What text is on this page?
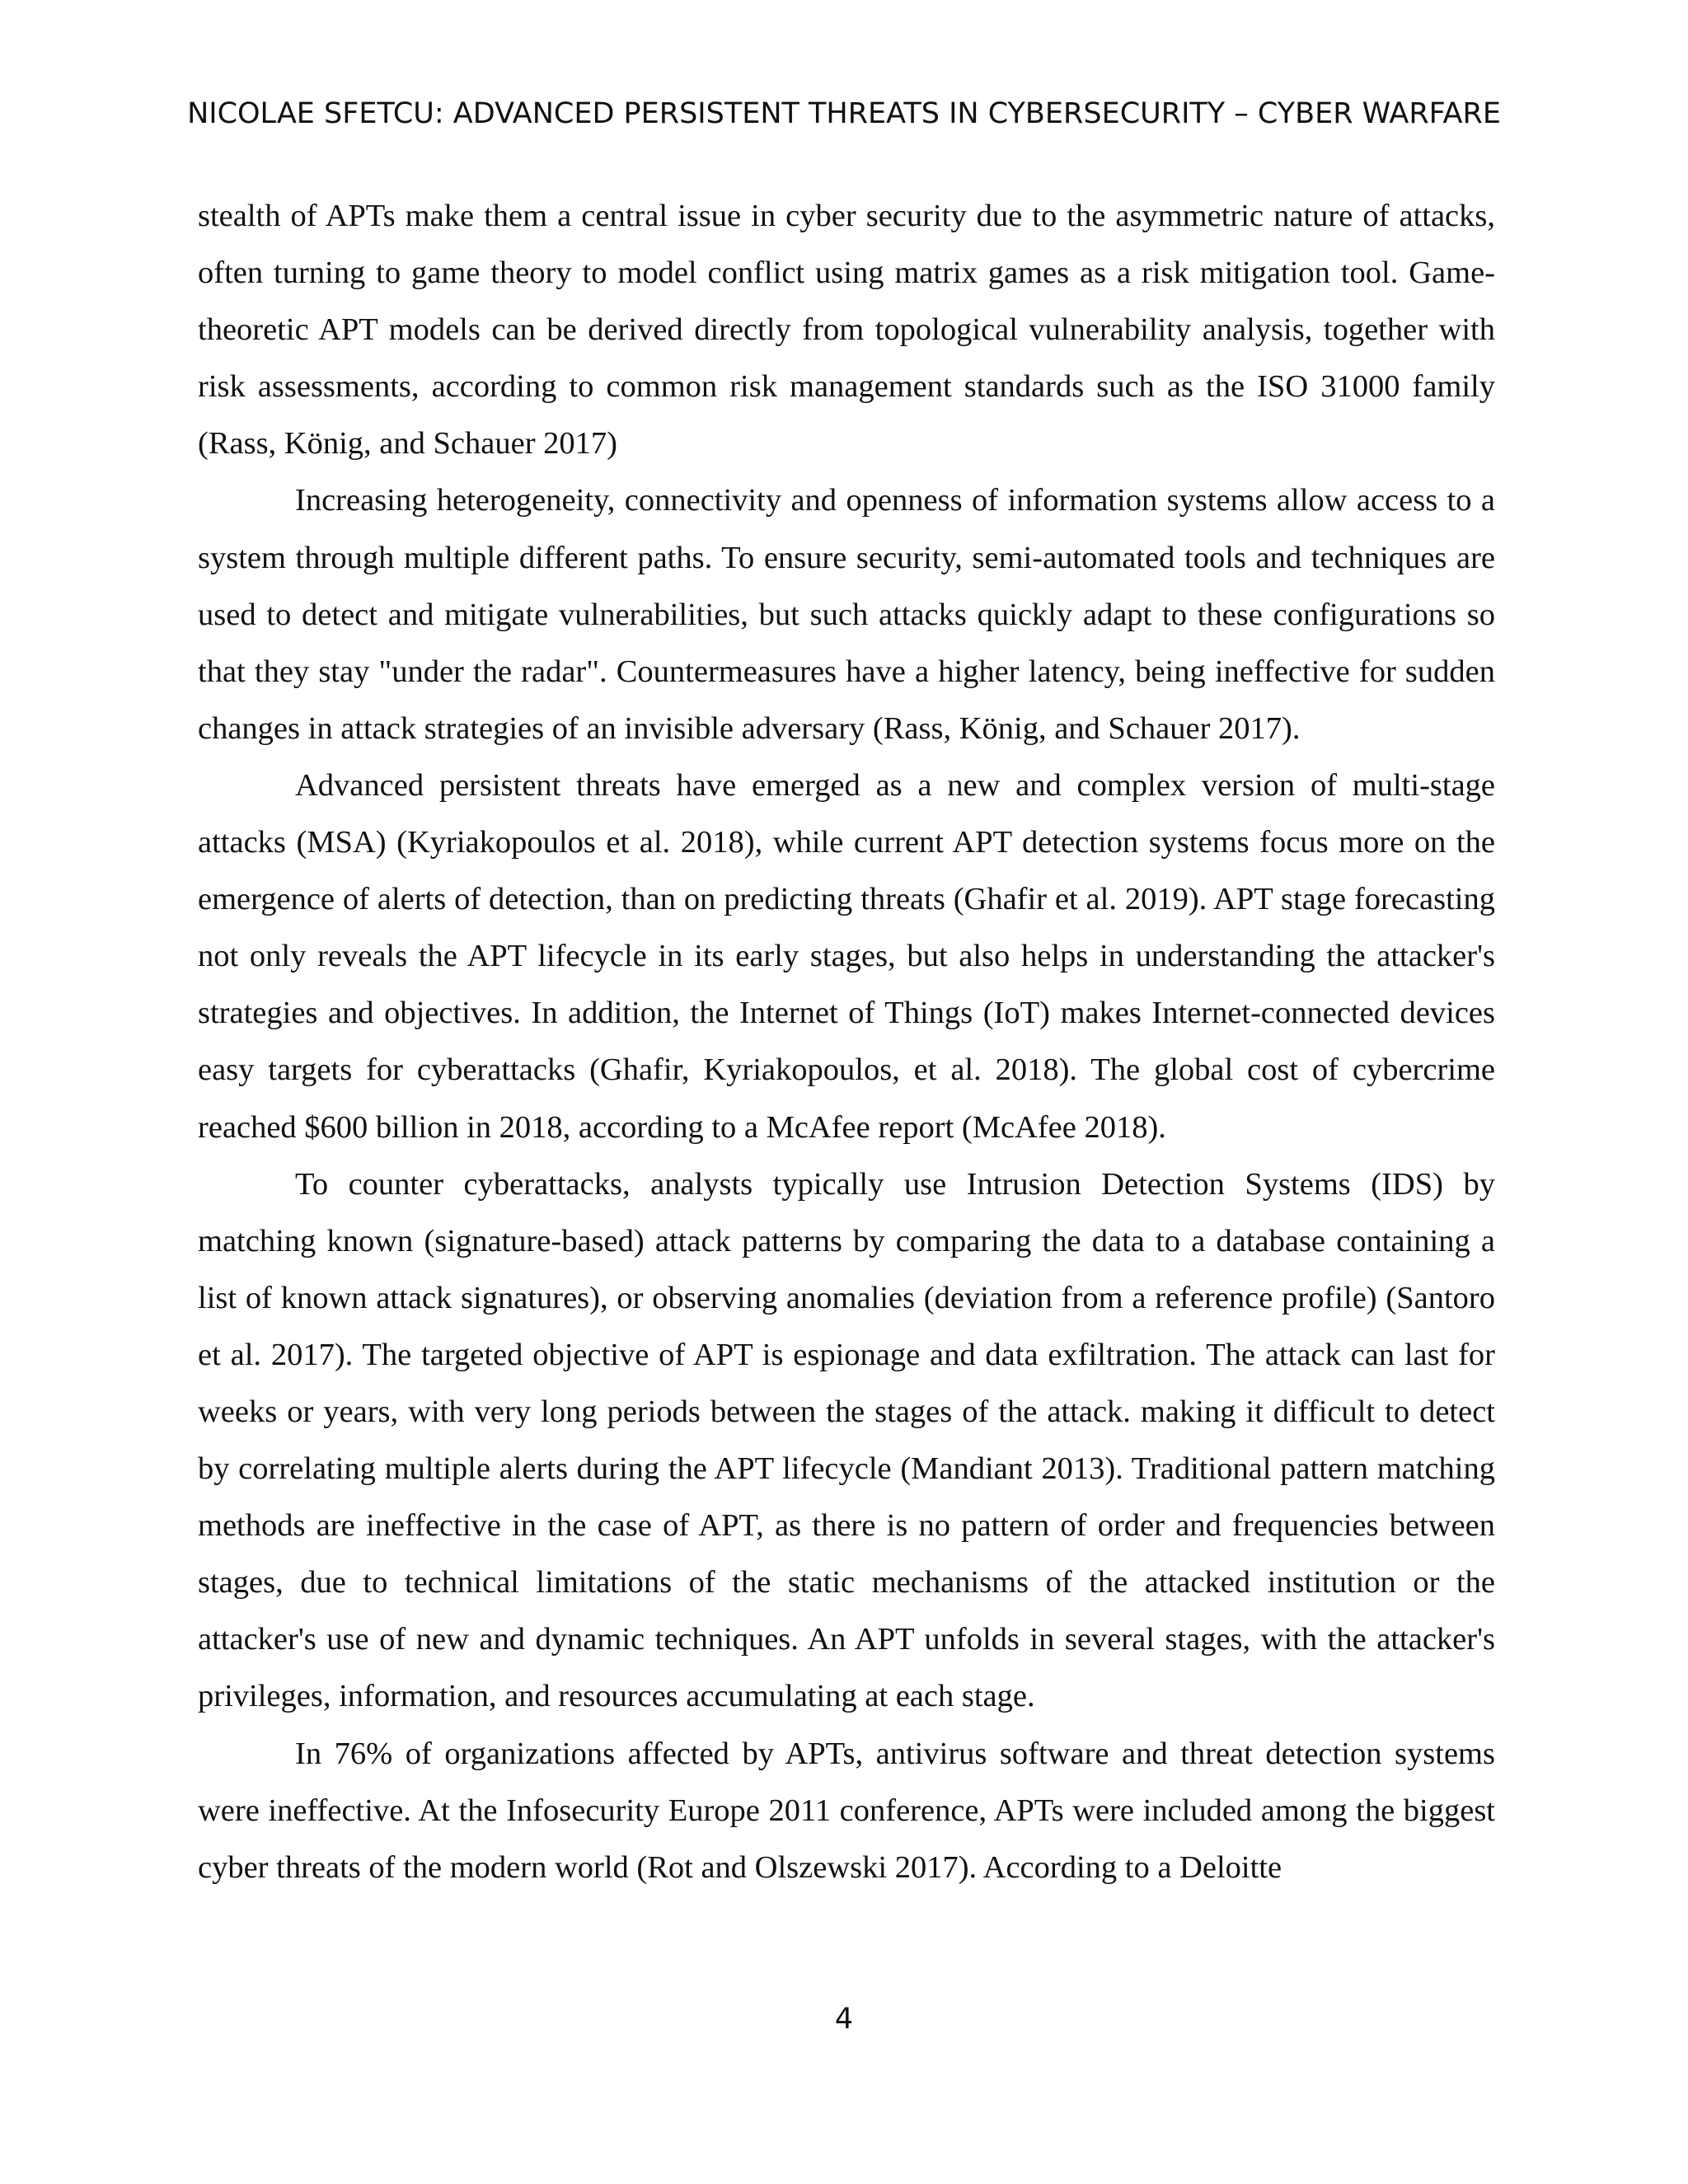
NICOLAE SFETCU: ADVANCED PERSISTENT THREATS IN CYBERSECURITY – CYBER WARFARE

stealth of APTs make them a central issue in cyber security due to the asymmetric nature of attacks, often turning to game theory to model conflict using matrix games as a risk mitigation tool. Game-theoretic APT models can be derived directly from topological vulnerability analysis, together with risk assessments, according to common risk management standards such as the ISO 31000 family (Rass, König, and Schauer 2017)

Increasing heterogeneity, connectivity and openness of information systems allow access to a system through multiple different paths. To ensure security, semi-automated tools and techniques are used to detect and mitigate vulnerabilities, but such attacks quickly adapt to these configurations so that they stay "under the radar". Countermeasures have a higher latency, being ineffective for sudden changes in attack strategies of an invisible adversary (Rass, König, and Schauer 2017).

Advanced persistent threats have emerged as a new and complex version of multi-stage attacks (MSA) (Kyriakopoulos et al. 2018), while current APT detection systems focus more on the emergence of alerts of detection, than on predicting threats (Ghafir et al. 2019). APT stage forecasting not only reveals the APT lifecycle in its early stages, but also helps in understanding the attacker's strategies and objectives. In addition, the Internet of Things (IoT) makes Internet-connected devices easy targets for cyberattacks (Ghafir, Kyriakopoulos, et al. 2018). The global cost of cybercrime reached $600 billion in 2018, according to a McAfee report (McAfee 2018).

To counter cyberattacks, analysts typically use Intrusion Detection Systems (IDS) by matching known (signature-based) attack patterns by comparing the data to a database containing a list of known attack signatures), or observing anomalies (deviation from a reference profile) (Santoro et al. 2017). The targeted objective of APT is espionage and data exfiltration. The attack can last for weeks or years, with very long periods between the stages of the attack. making it difficult to detect by correlating multiple alerts during the APT lifecycle (Mandiant 2013). Traditional pattern matching methods are ineffective in the case of APT, as there is no pattern of order and frequencies between stages, due to technical limitations of the static mechanisms of the attacked institution or the attacker's use of new and dynamic techniques. An APT unfolds in several stages, with the attacker's privileges, information, and resources accumulating at each stage.

In 76% of organizations affected by APTs, antivirus software and threat detection systems were ineffective. At the Infosecurity Europe 2011 conference, APTs were included among the biggest cyber threats of the modern world (Rot and Olszewski 2017). According to a Deloitte

4
